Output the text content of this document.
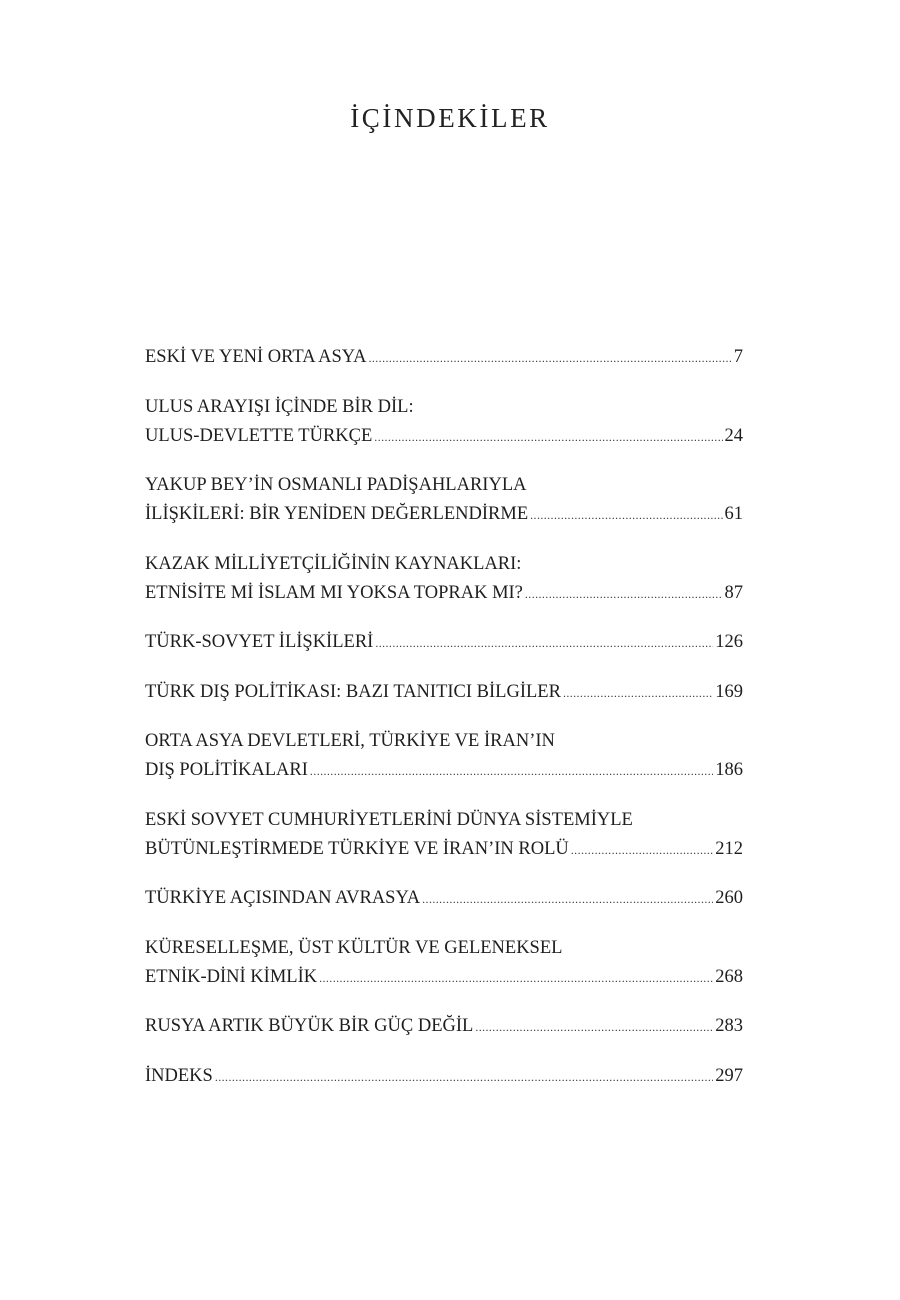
İÇİNDEKİLER
ESKİ VE YENİ ORTA ASYA .....	7
ULUS ARAYIŞI İÇİNDE BİR DİL:
ULUS-DEVLETTE TÜRKÇE .....	24
YAKUP BEY’İN OSMANLI PADİŞAHLARIYLA
İLİŞKİLERİ: BİR YENİDEN DEĞERLENDİRME .....	61
KAZAK MİLLİYETÇİLİĞİNİN KAYNAKLARI:
ETNİSİTE Mİ İSLAM MI YOKSA TOPRAK MI? .....	87
TÜRK-SOVYET İLİŞKİLERİ .....	126
TÜRK DIŞ POLİTİKASI: BAZI TANITICI BİLGİLER .....	169
ORTA ASYA DEVLETLERİ, TÜRKİYE VE İRAN’IN
DIŞ POLİTİKALARI .....	186
ESKİ SOVYET CUMHURİYETLERİNİ DÜNYA SİSTEMİYLE
BÜTÜNLEŞTİRMEDE TÜRKİYE VE İRAN’IN ROLÜ .....	212
TÜRKİYE AÇISINDAN AVRASYA .....	260
KÜRESELLEŞME, ÜST KÜLTÜR VE GELENEKSEL
ETNİK-DİNİ KİMLİK .....	268
RUSYA ARTIK BÜYÜK BİR GÜÇ DEĞİL .....	283
İNDEKS .....	297
